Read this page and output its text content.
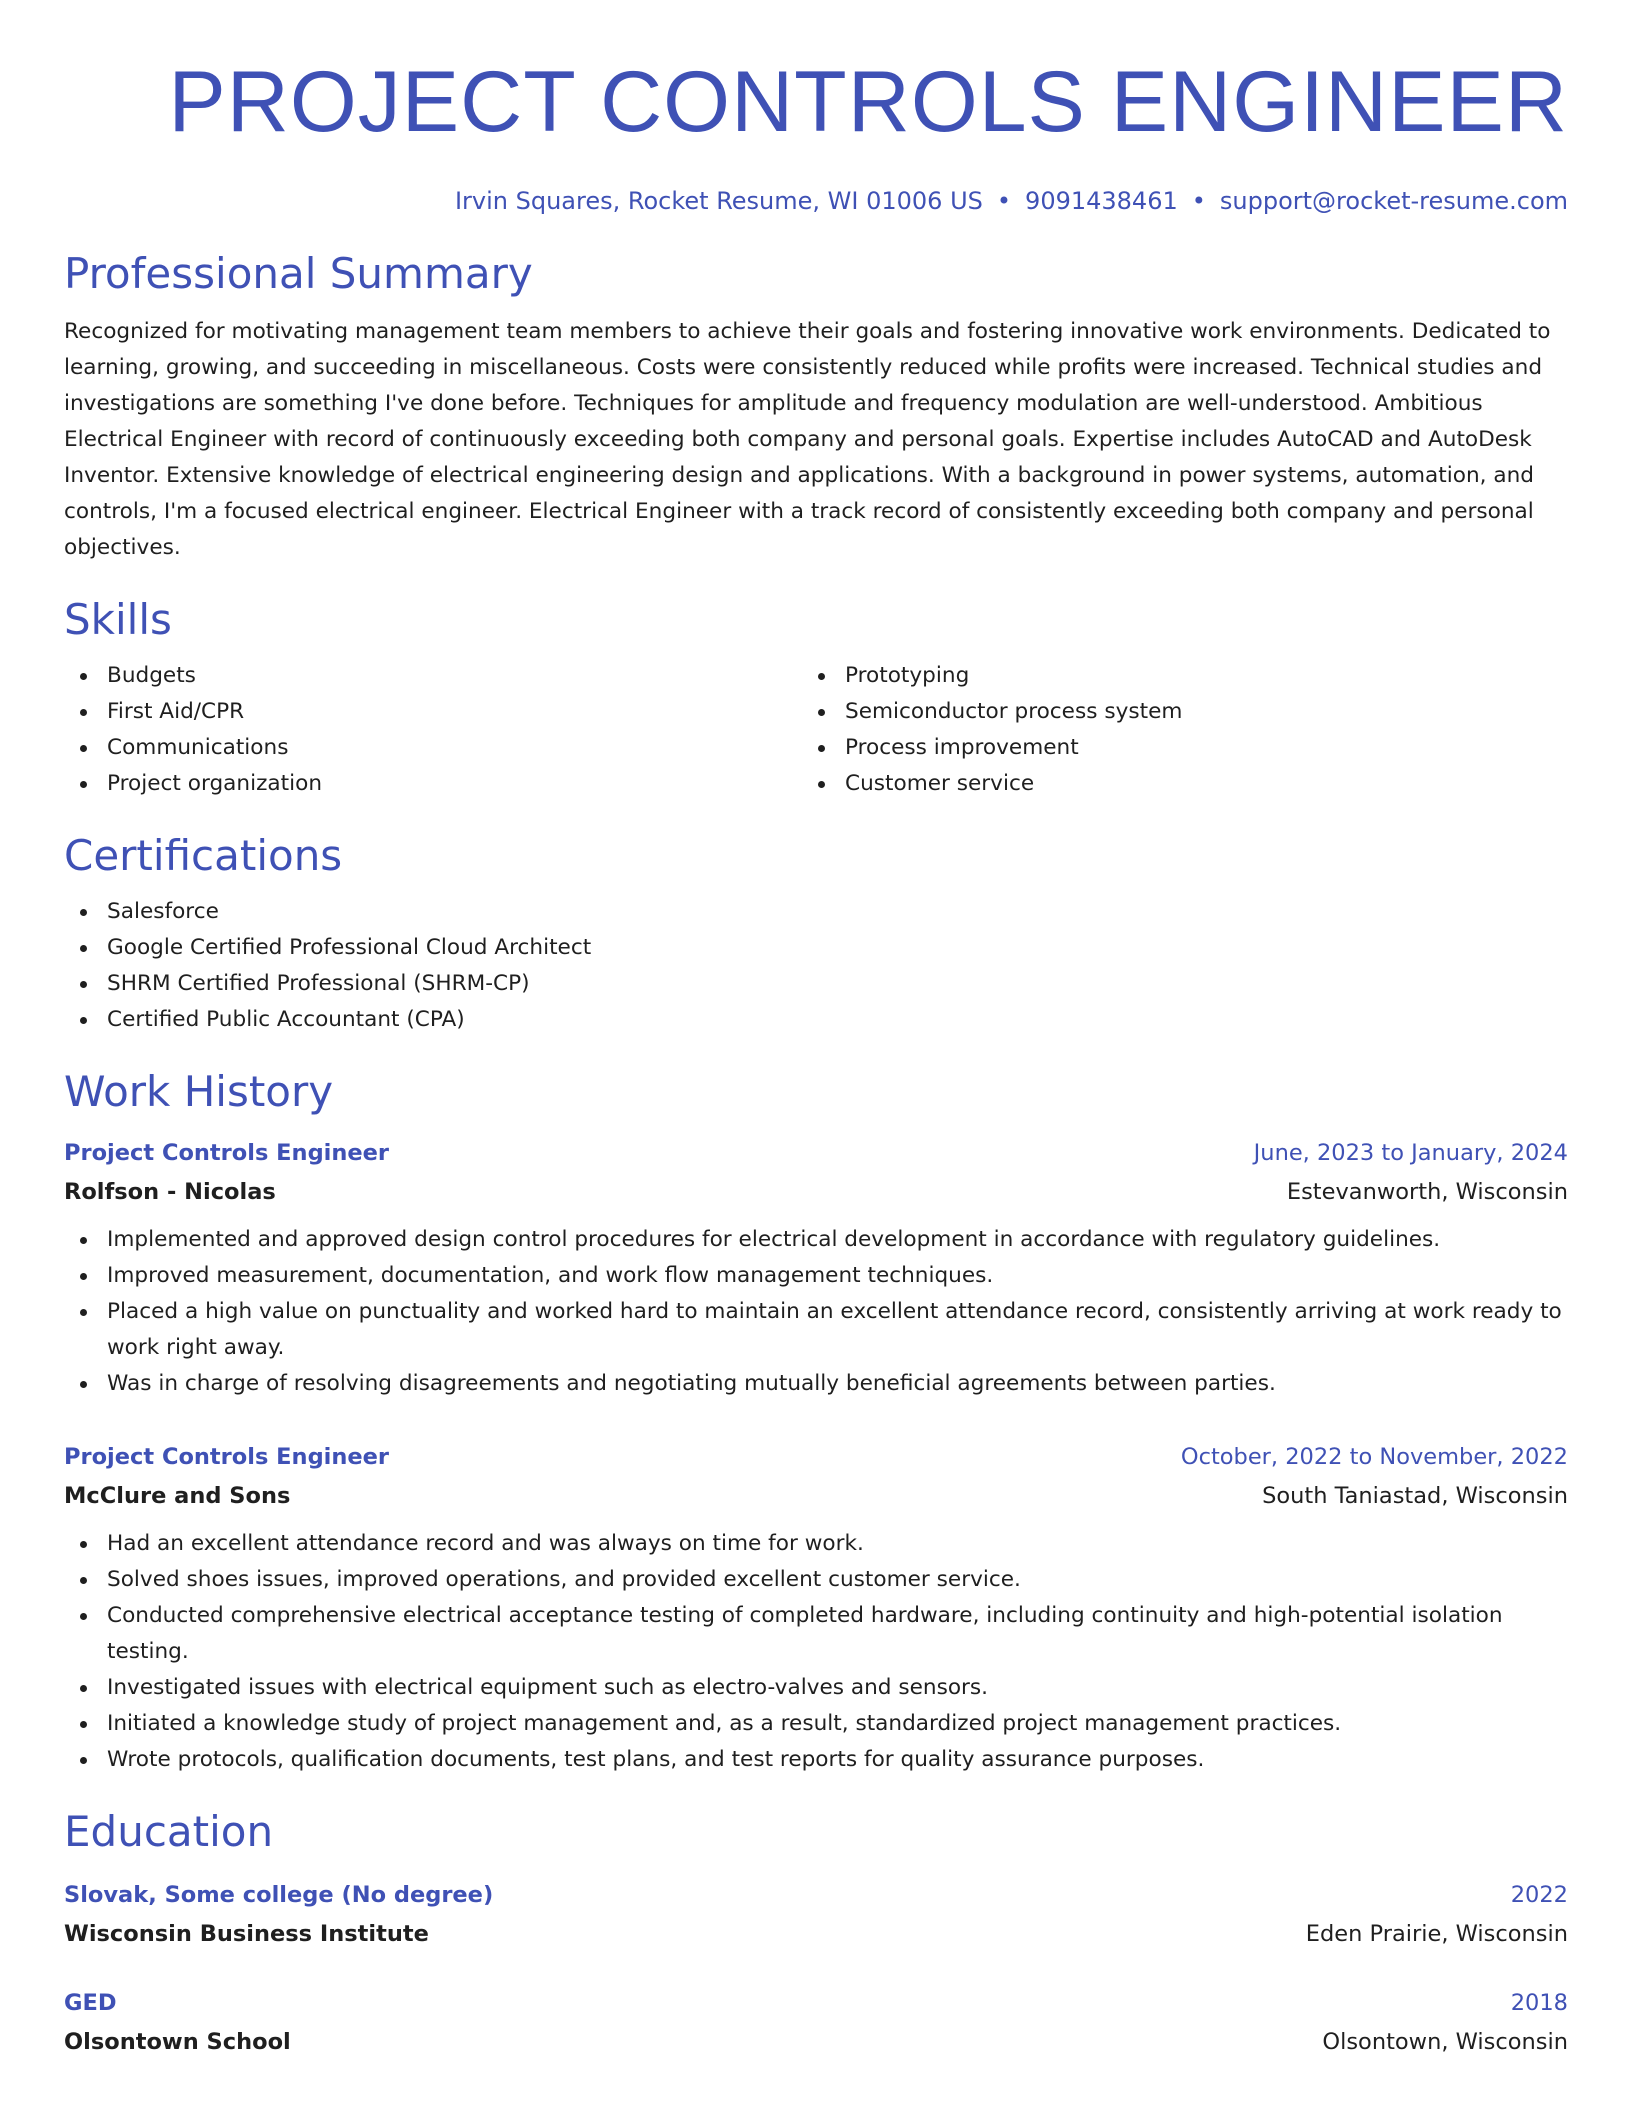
PROJECT CONTROLS ENGINEER
Irvin Squares, Rocket Resume, WI 01006 US • 9091438461 • support@rocket-resume.com
Professional Summary

Recognized for motivating management team members to achieve their goals and fostering innovative work environments. Dedicated to learning, growing, and succeeding in miscellaneous. Costs were consistently reduced while profits were increased. Technical studies and investigations are something I've done before. Techniques for amplitude and frequency modulation are well-understood. Ambitious Electrical Engineer with record of continuously exceeding both company and personal goals. Expertise includes AutoCAD and AutoDesk Inventor. Extensive knowledge of electrical engineering design and applications. With a background in power systems, automation, and controls, I'm a focused electrical engineer. Electrical Engineer with a track record of consistently exceeding both company and personal objectives.

Skills
Budgets
First Aid/CPR
Communications
Project organization
Prototyping
Semiconductor process system
Process improvement
Customer service
Certifications
Salesforce
Google Certified Professional Cloud Architect
SHRM Certified Professional (SHRM-CP)
Certified Public Accountant (CPA)
Work History
Project Controls Engineer	June, 2023 to January, 2024
Rolfson - Nicolas	Estevanworth, Wisconsin
Implemented and approved design control procedures for electrical development in accordance with regulatory guidelines.
Improved measurement, documentation, and work flow management techniques.
Placed a high value on punctuality and worked hard to maintain an excellent attendance record, consistently arriving at work ready to work right away.
Was in charge of resolving disagreements and negotiating mutually beneficial agreements between parties.
Project Controls Engineer	October, 2022 to November, 2022
McClure and Sons	South Taniastad, Wisconsin
Had an excellent attendance record and was always on time for work.
Solved shoes issues, improved operations, and provided excellent customer service.
Conducted comprehensive electrical acceptance testing of completed hardware, including continuity and high-potential isolation testing.
Investigated issues with electrical equipment such as electro-valves and sensors.
Initiated a knowledge study of project management and, as a result, standardized project management practices.
Wrote protocols, qualification documents, test plans, and test reports for quality assurance purposes.
Education
Slovak, Some college (No degree)	2022
Wisconsin Business Institute	Eden Prairie, Wisconsin
GED	2018
Olsontown School	Olsontown, Wisconsin
